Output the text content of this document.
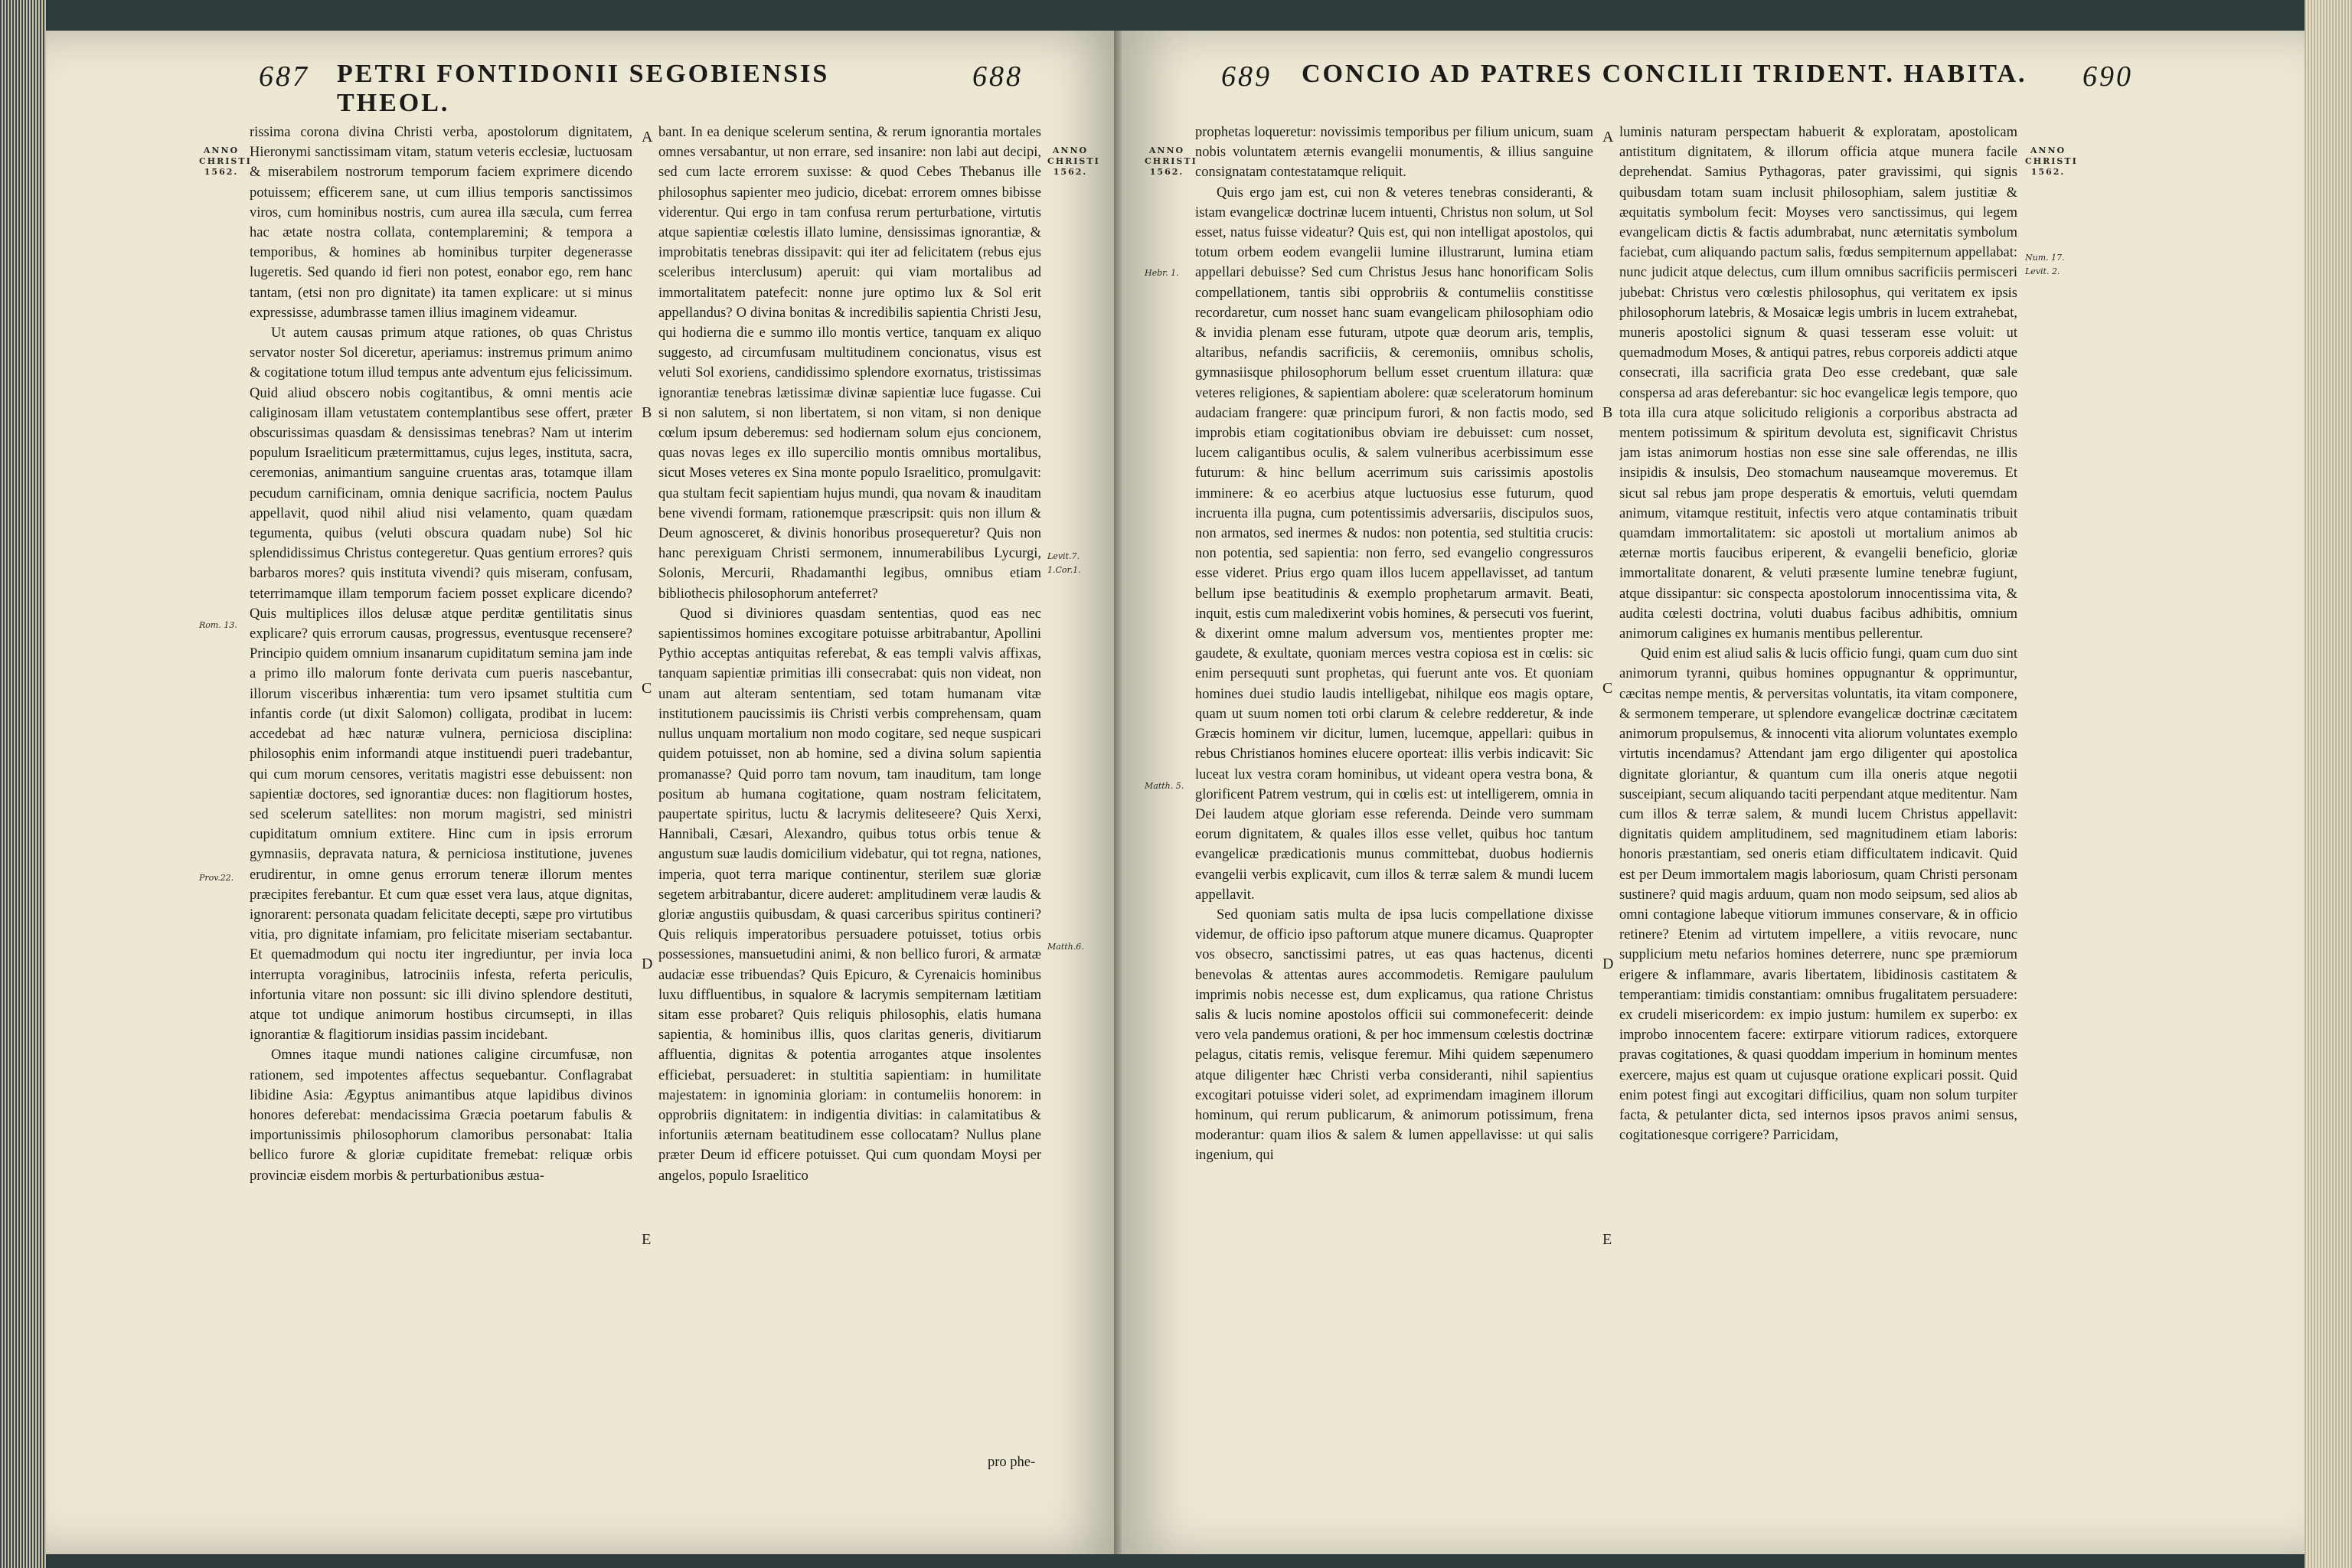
687 PETRI FONTIDONII SEGOBIENSIS THEOL.
688
ANNO CHRISTI 1562.
Rom. 13.
Prov.22.

rissima corona divina Christi verba, apostolorum dignitatem, Hieronymi sanctissimam vitam, statum veteris ecclesiæ, luctuosam & miserabilem nostrorum temporum faciem exprimere dicendo potuissem; efficerem sane, ut cum illius temporis sanctissimos viros, cum hominibus nostris, cum aurea illa sæcula, cum ferrea hac ætate nostra collata, contemplaremini; & tempora a temporibus, & homines ab hominibus turpiter degenerasse lugeretis. Sed quando id fieri non potest, eonabor ego, rem hanc tantam, (etsi non pro dignitate) ita tamen explicare: ut si minus expressisse, adumbrasse tamen illius imaginem videamur.

Ut autem causas primum atque rationes, ob quas Christus servator noster Sol diceretur, aperiamus: instremus primum animo & cogitatione totum illud tempus ante adventum ejus felicissimum. Quid aliud obscero nobis cogitantibus, & omni mentis acie caliginosam illam vetustatem contemplantibus sese offert, præter obscurissimas quasdam & densissimas tenebras? Nam ut interim populum Israeliticum prætermittamus, cujus leges, instituta, sacra, ceremonias, animantium sanguine cruentas aras, totamque illam pecudum carnificinam, omnia denique sacrificia, noctem Paulus appellavit, quod nihil aliud nisi velamento, quam quædam tegumenta, quibus (veluti obscura quadam nube) Sol hic splendidissimus Christus contegeretur. Quas gentium errores? quis barbaros mores? quis instituta vivendi? quis miseram, confusam, teterrimamque illam temporum faciem posset explicare dicendo? Quis multiplices illos delusæ atque perditæ gentilitatis sinus explicare? quis errorum causas, progressus, eventusque recensere? Principio quidem omnium insanarum cupiditatum semina jam inde a primo illo malorum fonte derivata cum pueris nascebantur, illorum visceribus inhærentia: tum vero ipsamet stultitia cum infantis corde (ut dixit Salomon) colligata, prodibat in lucem: accedebat ad hæc naturæ vulnera, perniciosa disciplina: philosophis enim informandi atque instituendi pueri tradebantur, qui cum morum censores, veritatis magistri esse debuissent: non sapientiæ doctores, sed ignorantiæ duces: non flagitiorum hostes, sed scelerum satellites: non morum magistri, sed ministri cupiditatum omnium extitere. Hinc cum in ipsis errorum gymnasiis, depravata natura, & perniciosa institutione, juvenes erudirentur, in omne genus errorum teneræ illorum mentes præcipites ferebantur. Et cum quæ esset vera laus, atque dignitas, ignorarent: personata quadam felicitate decepti, sæpe pro virtutibus vitia, pro dignitate infamiam, pro felicitate miseriam sectabantur. Et quemadmodum qui noctu iter ingrediuntur, per invia loca interrupta voraginibus, latrociniis infesta, referta periculis, infortunia vitare non possunt: sic illi divino splendore destituti, atque tot undique animorum hostibus circumsepti, in illas ignorantiæ & flagitiorum insidias passim incidebant.

Omnes itaque mundi nationes caligine circumfusæ, non rationem, sed impotentes affectus sequebantur. Conflagrabat libidine Asia: Ægyptus animantibus atque lapidibus divinos honores deferebat: mendacissima Græcia poetarum fabulis & importunissimis philosophorum clamoribus personabat: Italia bellico furore & gloriæ cupiditate fremebat: reliquæ orbis provinciæ eisdem morbis & perturbationibus æstua-

A
B
C
D
E

bant. In ea denique scelerum sentina, & rerum ignorantia mortales omnes versabantur, ut non errare, sed insanire: non labi aut decipi, sed cum lacte errorem suxisse: & quod Cebes Thebanus ille philosophus sapienter meo judicio, dicebat: errorem omnes bibisse viderentur. Qui ergo in tam confusa rerum perturbatione, virtutis atque sapientiæ cœlestis illato lumine, densissimas ignorantiæ, & improbitatis tenebras dissipavit: qui iter ad felicitatem (rebus ejus sceleribus interclusum) aperuit: qui viam mortalibus ad immortalitatem patefecit: nonne jure optimo lux & Sol erit appellandus? O divina bonitas & incredibilis sapientia Christi Jesu, qui hodierna die e summo illo montis vertice, tanquam ex aliquo suggesto, ad circumfusam multitudinem concionatus, visus est veluti Sol exoriens, candidissimo splendore exornatus, tristissimas ignorantiæ tenebras lætissimæ divinæ sapientiæ luce fugasse. Cui si non salutem, si non libertatem, si non vitam, si non denique cœlum ipsum deberemus: sed hodiernam solum ejus concionem, quas novas leges ex illo supercilio montis omnibus mortalibus, sicut Moses veteres ex Sina monte populo Israelitico, promulgavit: qua stultam fecit sapientiam hujus mundi, qua novam & inauditam bene vivendi formam, rationemque præscripsit: quis non illum & Deum agnosceret, & divinis honoribus prosequeretur? Quis non hanc perexiguam Christi sermonem, innumerabilibus Lycurgi, Solonis, Mercurii, Rhadamanthi legibus, omnibus etiam bibliothecis philosophorum anteferret?

Quod si diviniores quasdam sententias, quod eas nec sapientissimos homines excogitare potuisse arbitrabantur, Apollini Pythio acceptas antiquitas referebat, & eas templi valvis affixas, tanquam sapientiæ primitias illi consecrabat: quis non videat, non unam aut alteram sententiam, sed totam humanam vitæ institutionem paucissimis iis Christi verbis comprehensam, quam nullus unquam mortalium non modo cogitare, sed neque suspicari quidem potuisset, non ab homine, sed a divina solum sapientia promanasse? Quid porro tam novum, tam inauditum, tam longe positum ab humana cogitatione, quam nostram felicitatem, paupertate spiritus, luctu & lacrymis deliteseere? Quis Xerxi, Hannibali, Cæsari, Alexandro, quibus totus orbis tenue & angustum suæ laudis domicilium videbatur, qui tot regna, nationes, imperia, quot terra marique continentur, sterilem suæ gloriæ segetem arbitrabantur, dicere auderet: amplitudinem veræ laudis & gloriæ angustiis quibusdam, & quasi carceribus spiritus contineri? Quis reliquis imperatoribus persuadere potuisset, totius orbis possessiones, mansuetudini animi, & non bellico furori, & armatæ audaciæ esse tribuendas? Quis Epicuro, & Cyrenaicis hominibus luxu diffluentibus, in squalore & lacrymis sempiternam lætitiam sitam esse probaret? Quis reliquis philosophis, elatis humana sapientia, & hominibus illis, quos claritas generis, divitiarum affluentia, dignitas & potentia arrogantes atque insolentes efficiebat, persuaderet: in stultitia sapientiam: in humilitate majestatem: in ignominia gloriam: in contumeliis honorem: in opprobriis dignitatem: in indigentia divitias: in calamitatibus & infortuniis æternam beatitudinem esse collocatam? Nullus plane præter Deum id efficere potuisset. Qui cum quondam Moysi per angelos, populo Israelitico

ANNO CHRISTI 1562.
Levit.7.
1.Cor.1.
Matth.6.
pro phe-
689 CONCIO AD PATRES CONCILII TRIDENT. HABITA.	690
ANNO CHRISTI 1562.
Hebr. 1.
Matth. 5.

prophetas loqueretur: novissimis temporibus per filium unicum, suam nobis voluntatem æternis evangelii monumentis, & illius sanguine consignatam contestatamque reliquit.

Quis ergo jam est, cui non & veteres tenebras consideranti, & istam evangelicæ doctrinæ lucem intuenti, Christus non solum, ut Sol esset, natus fuisse videatur? Quis est, qui non intelligat apostolos, qui totum orbem eodem evangelii lumine illustrarunt, lumina etiam appellari debuisse? Sed cum Christus Jesus hanc honorificam Solis compellationem, tantis sibi opprobriis & contumeliis constitisse recordaretur, cum nosset hanc suam evangelicam philosophiam odio & invidia plenam esse futuram, utpote quæ deorum aris, templis, altaribus, nefandis sacrificiis, & ceremoniis, omnibus scholis, gymnasiisque philosophorum bellum esset cruentum illatura: quæ veteres religiones, & sapientiam abolere: quæ sceleratorum hominum audaciam frangere: quæ principum furori, & non factis modo, sed improbis etiam cogitationibus obviam ire debuisset: cum nosset, lucem caligantibus oculis, & salem vulneribus acerbissimum esse futurum: & hinc bellum acerrimum suis carissimis apostolis imminere: & eo acerbius atque luctuosius esse futurum, quod incruenta illa pugna, cum potentissimis adversariis, discipulos suos, non armatos, sed inermes & nudos: non potentia, sed stultitia crucis: non potentia, sed sapientia: non ferro, sed evangelio congressuros esse videret. Prius ergo quam illos lucem appellavisset, ad tantum bellum ipse beatitudinis & exemplo prophetarum armavit. Beati, inquit, estis cum maledixerint vobis homines, & persecuti vos fuerint, & dixerint omne malum adversum vos, mentientes propter me: gaudete, & exultate, quoniam merces vestra copiosa est in cœlis: sic enim persequuti sunt prophetas, qui fuerunt ante vos. Et quoniam homines duei studio laudis intelligebat, nihilque eos magis optare, quam ut suum nomen toti orbi clarum & celebre redderetur, & inde Græcis hominem vir dicitur, lumen, lucemque, appellari: quibus in rebus Christianos homines elucere oporteat: illis verbis indicavit: Sic luceat lux vestra coram hominibus, ut videant opera vestra bona, & glorificent Patrem vestrum, qui in cœlis est: ut intelligerem, omnia in Dei laudem atque gloriam esse referenda. Deinde vero summam eorum dignitatem, & quales illos esse vellet, quibus hoc tantum evangelicæ prædicationis munus committebat, duobus hodiernis evangelii verbis explicavit, cum illos & terræ salem & mundi lucem appellavit.

Sed quoniam satis multa de ipsa lucis compellatione dixisse videmur, de officio ipso paftorum atque munere dicamus. Quapropter vos obsecro, sanctissimi patres, ut eas quas hactenus, dicenti benevolas & attentas aures accommodetis. Remigare paululum imprimis nobis necesse est, dum explicamus, qua ratione Christus salis & lucis nomine apostolos officii sui commonefecerit: deinde vero vela pandemus orationi, & per hoc immensum cœlestis doctrinæ pelagus, citatis remis, velisque feremur. Mihi quidem sæpenumero atque diligenter hæc Christi verba consideranti, nihil sapientius excogitari potuisse videri solet, ad exprimendam imaginem illorum hominum, qui rerum publicarum, & animorum potissimum, frena moderantur: quam ilios & salem & lumen appellavisse: ut qui salis ingenium, qui

A
B
C
D
E

luminis naturam perspectam habuerit & exploratam, apostolicam antistitum dignitatem, & illorum officia atque munera facile deprehendat. Samius Pythagoras, pater gravissimi, qui signis quibusdam totam suam inclusit philosophiam, salem justitiæ & æquitatis symbolum fecit: Moyses vero sanctissimus, qui legem evangelicam dictis & factis adumbrabat, nunc æternitatis symbolum faciebat, cum aliquando pactum salis, fœdus sempiternum appellabat: nunc judicit atque delectus, cum illum omnibus sacrificiis permisceri jubebat: Christus vero cœlestis philosophus, qui veritatem ex ipsis philosophorum latebris, & Mosaicæ legis umbris in lucem extrahebat, muneris apostolici signum & quasi tesseram esse voluit: ut quemadmodum Moses, & antiqui patres, rebus corporeis addicti atque consecrati, illa sacrificia grata Deo esse credebant, quæ sale conspersa ad aras deferebantur: sic hoc evangelicæ legis tempore, quo tota illa cura atque solicitudo religionis a corporibus abstracta ad mentem potissimum & spiritum devoluta est, significavit Christus jam istas animorum hostias non esse sine sale offerendas, ne illis insipidis & insulsis, Deo stomachum nauseamque moveremus. Et sicut sal rebus jam prope desperatis & emortuis, veluti quemdam animum, vitamque restituit, infectis vero atque contaminatis tribuit quamdam immortalitatem: sic apostoli ut mortalium animos ab æternæ mortis faucibus eriperent, & evangelii beneficio, gloriæ immortalitate donarent, & veluti præsente lumine tenebræ fugiunt, atque dissipantur: sic conspecta apostolorum innocentissima vita, & audita cœlesti doctrina, voluti duabus facibus adhibitis, omnium animorum caligines ex humanis mentibus pellerentur.

Quid enim est aliud salis & lucis officio fungi, quam cum duo sint animorum tyranni, quibus homines oppugnantur & opprimuntur, cæcitas nempe mentis, & perversitas voluntatis, ita vitam componere, & sermonem temperare, ut splendore evangelicæ doctrinæ cæcitatem animorum propulsemus, & innocenti vita aliorum voluntates exemplo virtutis incendamus? Attendant jam ergo diligenter qui apostolica dignitate gloriantur, & quantum cum illa oneris atque negotii susceipiant, secum aliquando taciti perpendant atque meditentur. Nam cum illos & terræ salem, & mundi lucem Christus appellavit: dignitatis quidem amplitudinem, sed magnitudinem etiam laboris: honoris præstantiam, sed oneris etiam difficultatem indicavit. Quid est per Deum immortalem magis laboriosum, quam Christi personam sustinere? quid magis arduum, quam non modo seipsum, sed alios ab omni contagione labeque vitiorum immunes conservare, & in officio retinere? Etenim ad virtutem impellere, a vitiis revocare, nunc supplicium metu nefarios homines deterrere, nunc spe præmiorum erigere & inflammare, avaris libertatem, libidinosis castitatem & temperantiam: timidis constantiam: omnibus frugalitatem persuadere: ex crudeli misericordem: ex impio justum: humilem ex superbo: ex improbo innocentem facere: extirpare vitiorum radices, extorquere pravas cogitationes, & quasi quoddam imperium in hominum mentes exercere, majus est quam ut cujusque oratione explicari possit. Quid enim potest fingi aut excogitari difficilius, quam non solum turpiter facta, & petulanter dicta, sed internos ipsos pravos animi sensus, cogitationesque corrigere? Parricidam,

ANNO CHRISTI 1562.
Num. 17.
Levit. 2.
